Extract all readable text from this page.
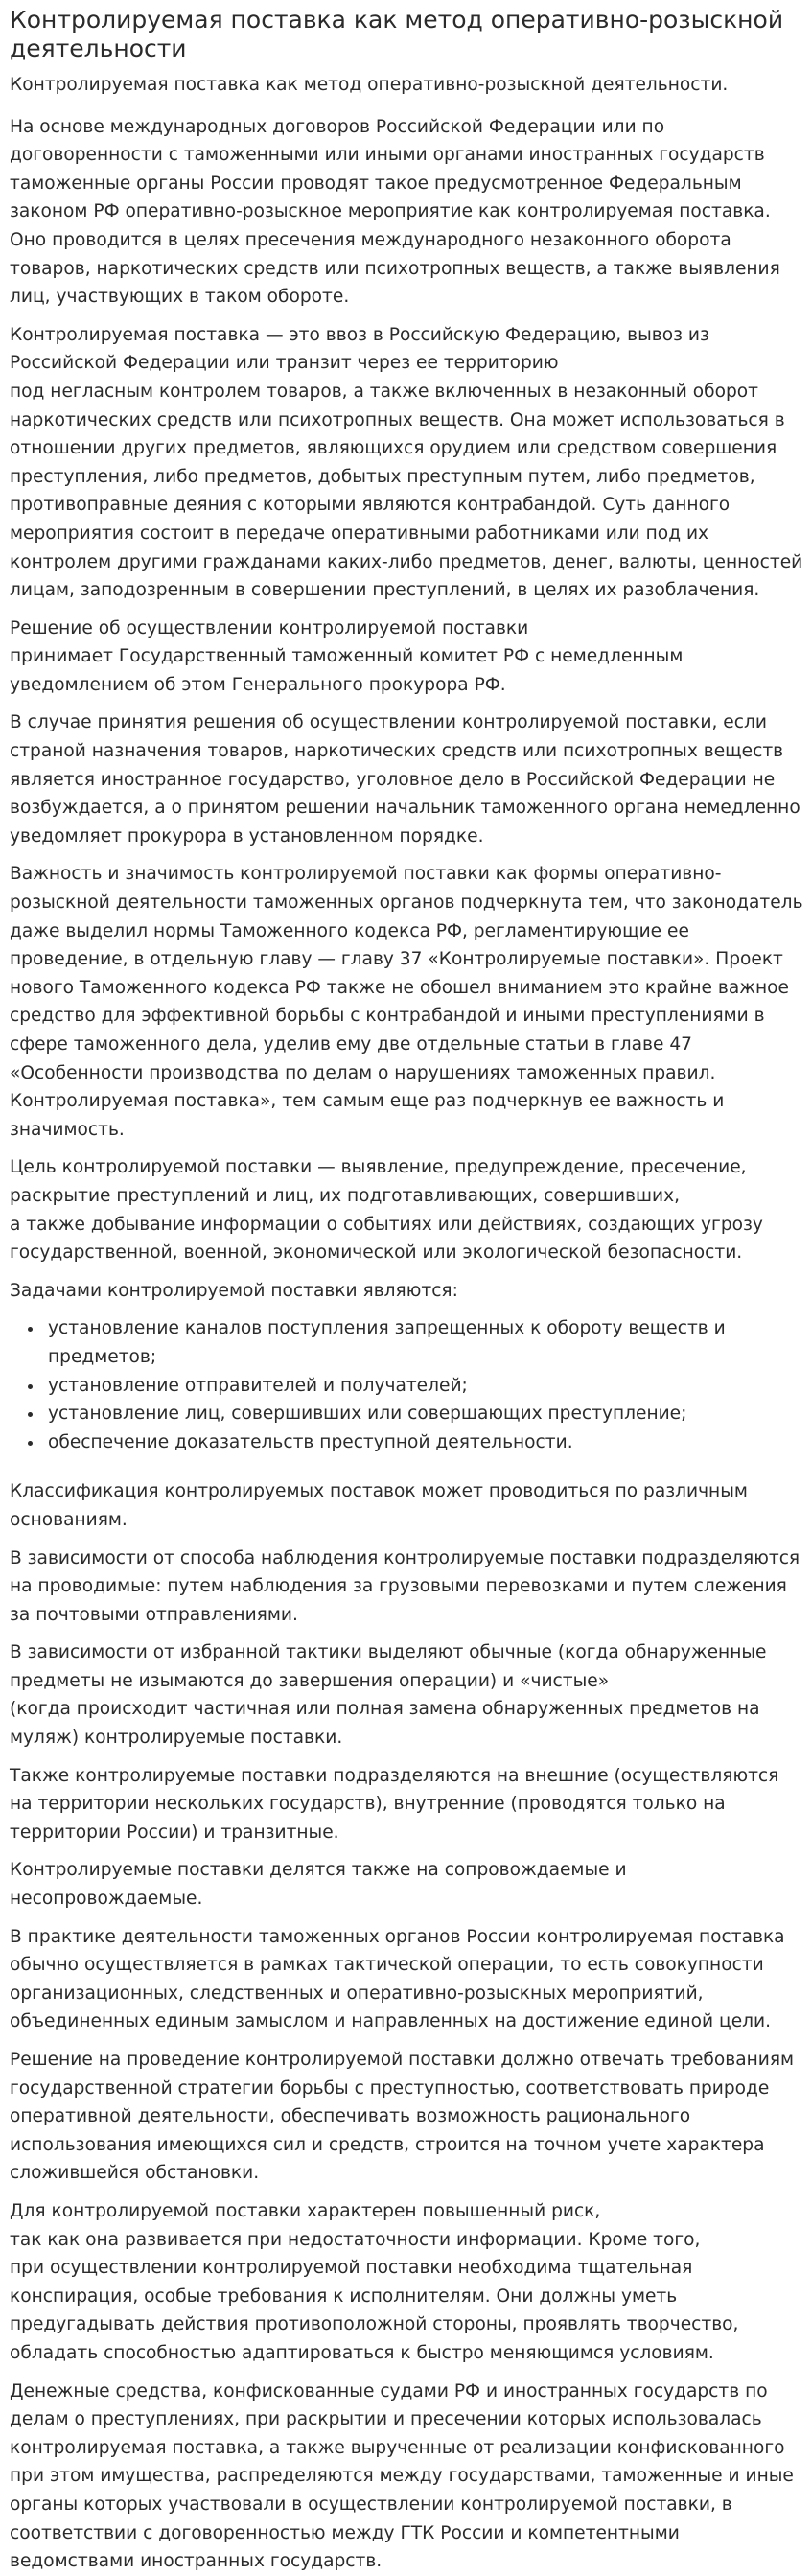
Контролируемая поставка как метод оперативно-розыскной деятельности

Контролируемая поставка как метод оперативно-розыскной деятельности.

На основе международных договоров Российской Федерации или по договоренности с таможенными или иными органами иностранных государств таможенные органы России проводят такое предусмотренное Федеральным законом РФ оперативно-розыскное мероприятие как контролируемая поставка. Оно проводится в целях пресечения международного незаконного оборота товаров, наркотических средств или психотропных веществ, а также выявления лиц, участвующих в таком обороте.

Контролируемая поставка — это ввоз в Российскую Федерацию, вывоз из Российской Федерации или транзит через ее территорию
под негласным контролем товаров, а также включенных в незаконный оборот наркотических средств или психотропных веществ. Она может использоваться в отношении других предметов, являющихся орудием или средством совершения преступления, либо предметов, добытых преступным путем, либо предметов, противоправные деяния с которыми являются контрабандой. Суть данного мероприятия состоит в передаче оперативными работниками или под их контролем другими гражданами каких-либо предметов, денег, валюты, ценностей лицам, заподозренным в совершении преступлений, в целях их разоблачения.

Решение об осуществлении контролируемой поставки
принимает Государственный таможенный комитет РФ с немедленным уведомлением об этом Генерального прокурора РФ.

В случае принятия решения об осуществлении контролируемой поставки, если страной назначения товаров, наркотических средств или психотропных веществ является иностранное государство, уголовное дело в Российской Федерации не возбуждается, а о принятом решении начальник таможенного органа немедленно уведомляет прокурора в установленном порядке.

Важность и значимость контролируемой поставки как формы оперативно-розыскной деятельности таможенных органов подчеркнута тем, что законодатель даже выделил нормы Таможенного кодекса РФ, регламентирующие ее проведение, в отдельную главу — главу 37 «Контролируемые поставки». Проект нового Таможенного кодекса РФ также не обошел вниманием это крайне важное средство для эффективной борьбы с контрабандой и иными преступлениями в сфере таможенного дела, уделив ему две отдельные статьи в главе 47 «Особенности производства по делам о нарушениях таможенных правил. Контролируемая поставка», тем самым еще раз подчеркнув ее важность и значимость.

Цель контролируемой поставки — выявление, предупреждение, пресечение, раскрытие преступлений и лиц, их подготавливающих, совершивших,
а также добывание информации о событиях или действиях, создающих угрозу государственной, военной, экономической или экологической безопасности.

Задачами контролируемой поставки являются:

• установление каналов поступления запрещенных к обороту веществ и предметов;
• установление отправителей и получателей;
• установление лиц, совершивших или совершающих преступление;
• обеспечение доказательств преступной деятельности.

Классификация контролируемых поставок может проводиться по различным основаниям.

В зависимости от способа наблюдения контролируемые поставки подразделяются на проводимые: путем наблюдения за грузовыми перевозками и путем слежения за почтовыми отправлениями.

В зависимости от избранной тактики выделяют обычные (когда обнаруженные предметы не изымаются до завершения операции) и «чистые»
(когда происходит частичная или полная замена обнаруженных предметов на муляж) контролируемые поставки.

Также контролируемые поставки подразделяются на внешние (осуществляются на территории нескольких государств), внутренние (проводятся только на территории России) и транзитные.

Контролируемые поставки делятся также на сопровождаемые и несопровождаемые.

В практике деятельности таможенных органов России контролируемая поставка обычно осуществляется в рамках тактической операции, то есть совокупности организационных, следственных и оперативно-розыскных мероприятий, объединенных единым замыслом и направленных на достижение единой цели.

Решение на проведение контролируемой поставки должно отвечать требованиям государственной стратегии борьбы с преступностью, соответствовать природе оперативной деятельности, обеспечивать возможность рационального использования имеющихся сил и средств, строится на точном учете характера сложившейся обстановки.

Для контролируемой поставки характерен повышенный риск,
так как она развивается при недостаточности информации. Кроме того,
при осуществлении контролируемой поставки необходима тщательная конспирация, особые требования к исполнителям. Они должны уметь предугадывать действия противоположной стороны, проявлять творчество, обладать способностью адаптироваться к быстро меняющимся условиям.

Денежные средства, конфискованные судами РФ и иностранных государств по делам о преступлениях, при раскрытии и пресечении которых использовалась контролируемая поставка, а также вырученные от реализации конфискованного при этом имущества, распределяются между государствами, таможенные и иные органы которых участвовали в осуществлении контролируемой поставки, в соответствии с договоренностью между ГТК России и компетентными ведомствами иностранных государств.
